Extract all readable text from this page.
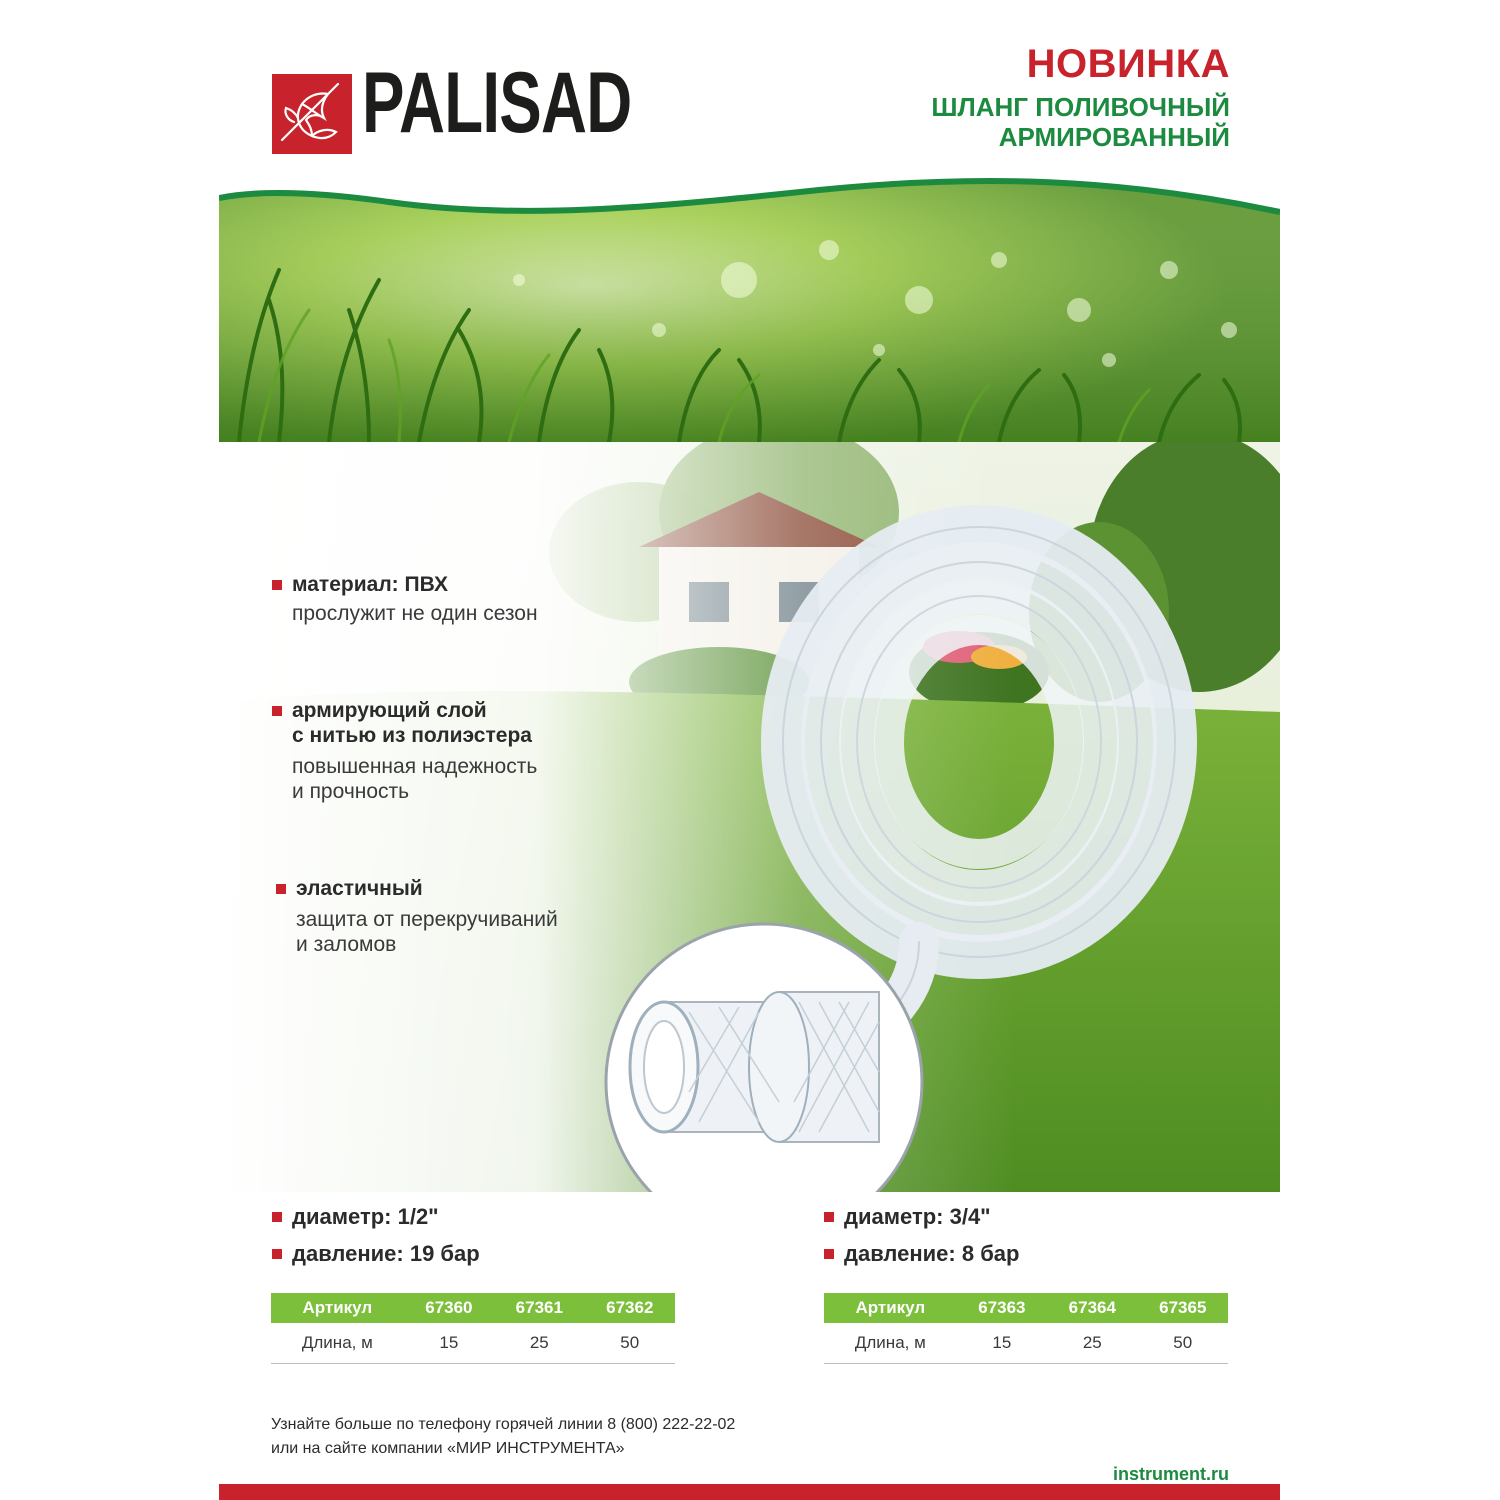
PALISAD	НОВИНКА
ШЛАНГ ПОЛИВОЧНЫЙ
АРМИРОВАННЫЙ
материал: ПВХ
прослужит не один сезон
армирующий слой
с нитью из полиэстера
повышенная надежность
и прочность
эластичный
защита от перекручиваний
и заломов
диаметр: 1/2"
давление: 19 бар
диаметр: 3/4"
давление: 8 бар
Артикул	67360	67361	67362
Длина, м	15	25	50
Артикул	67363	67364	67365
Длина, м	15	25	50
Узнайте больше по телефону горячей линии 8 (800) 222-22-02
или на сайте компании «МИР ИНСТРУМЕНТА»
instrument.ru
